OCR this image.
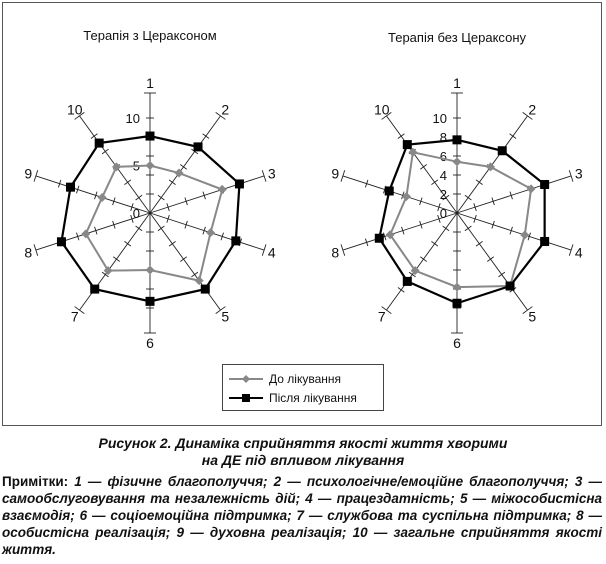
Терапія з Цераксоном
1
2
3
4
5
6
7
8
9
10
0
5
10
Терапія без Цераксону
1
2
3
4
5
6
7
8
9
10
0
2
4
6
8
10
До лікування
Після лікування
Рисунок 2. Динаміка сприйняття якості життя хворими
на ДЕ під впливом лікування
Примітки: 1 — фізичне благополуччя; 2 — психологічне/емоційне благополуччя; 3 — самообслуговування та незалежність дій; 4 — працездатність; 5 — міжособистісна взаємодія; 6 — соціоемоційна підтримка; 7 — службова та суспільна підтримка; 8 — особистісна реалізація; 9 — духовна реалізація; 10 — загальне сприйняття якості життя.
